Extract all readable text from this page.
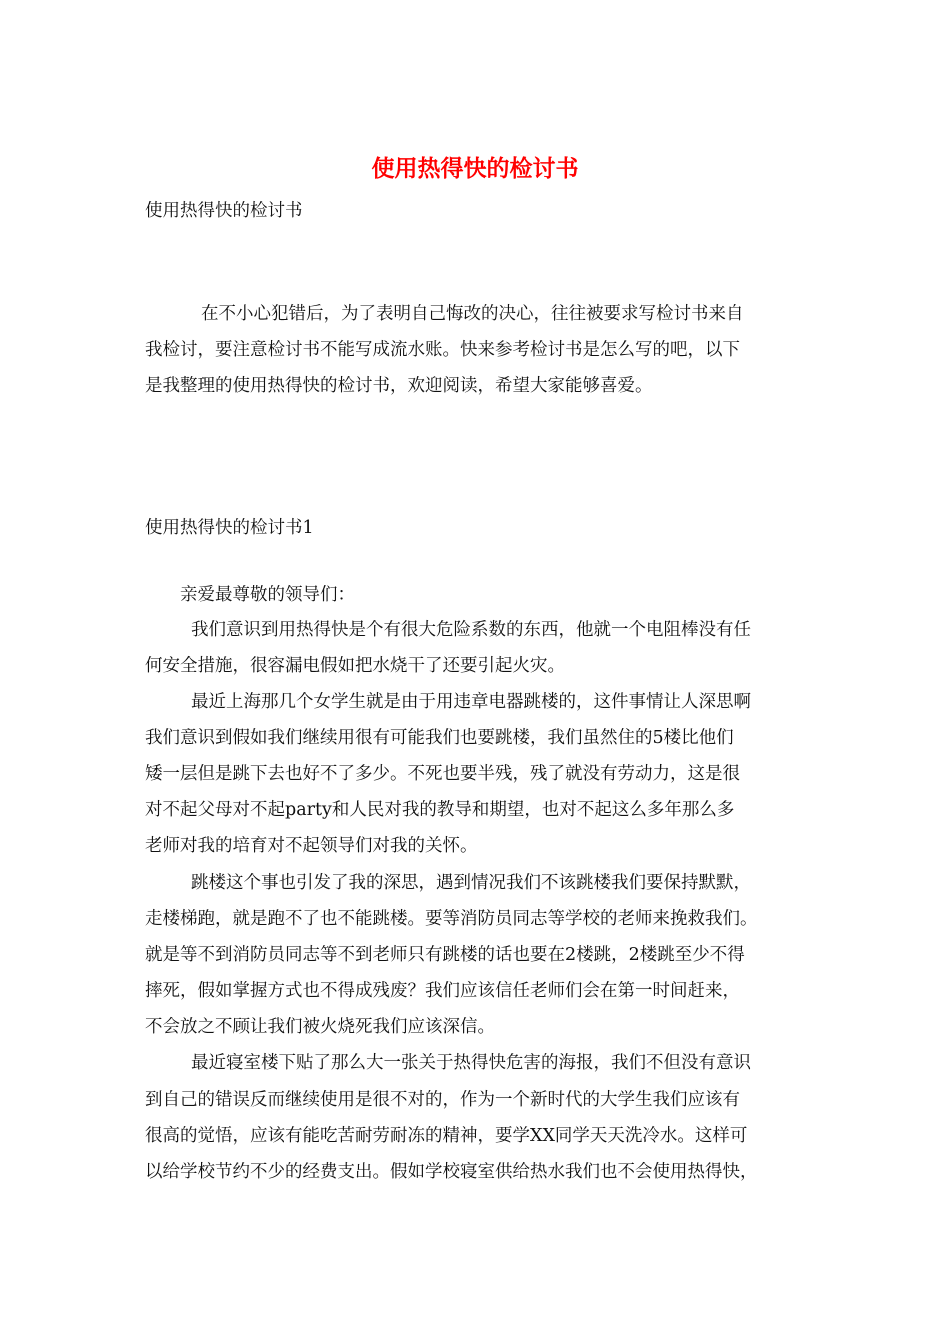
使用热得快的检讨书
使用热得快的检讨书
在不小心犯错后，为了表明自己悔改的决心，往往被要求写检讨书来自
我检讨，要注意检讨书不能写成流水账。快来参考检讨书是怎么写的吧，以下
是我整理的使用热得快的检讨书，欢迎阅读，希望大家能够喜爱。
使用热得快的检讨书1
亲爱最尊敬的领导们：
我们意识到用热得快是个有很大危险系数的东西，他就一个电阻棒没有任
何安全措施，很容漏电假如把水烧干了还要引起火灾。
最近上海那几个女学生就是由于用违章电器跳楼的，这件事情让人深思啊
我们意识到假如我们继续用很有可能我们也要跳楼，我们虽然住的5楼比他们
矮一层但是跳下去也好不了多少。不死也要半残，残了就没有劳动力，这是很
对不起父母对不起party和人民对我的教导和期望，也对不起这么多年那么多
老师对我的培育对不起领导们对我的关怀。
跳楼这个事也引发了我的深思，遇到情况我们不该跳楼我们要保持默默，
走楼梯跑，就是跑不了也不能跳楼。要等消防员同志等学校的老师来挽救我们。
就是等不到消防员同志等不到老师只有跳楼的话也要在2楼跳，2楼跳至少不得
摔死，假如掌握方式也不得成残废？我们应该信任老师们会在第一时间赶来，
不会放之不顾让我们被火烧死我们应该深信。
最近寝室楼下贴了那么大一张关于热得快危害的海报，我们不但没有意识
到自己的错误反而继续使用是很不对的，作为一个新时代的大学生我们应该有
很高的觉悟，应该有能吃苦耐劳耐冻的精神，要学XX同学天天洗冷水。这样可
以给学校节约不少的经费支出。假如学校寝室供给热水我们也不会使用热得快，
